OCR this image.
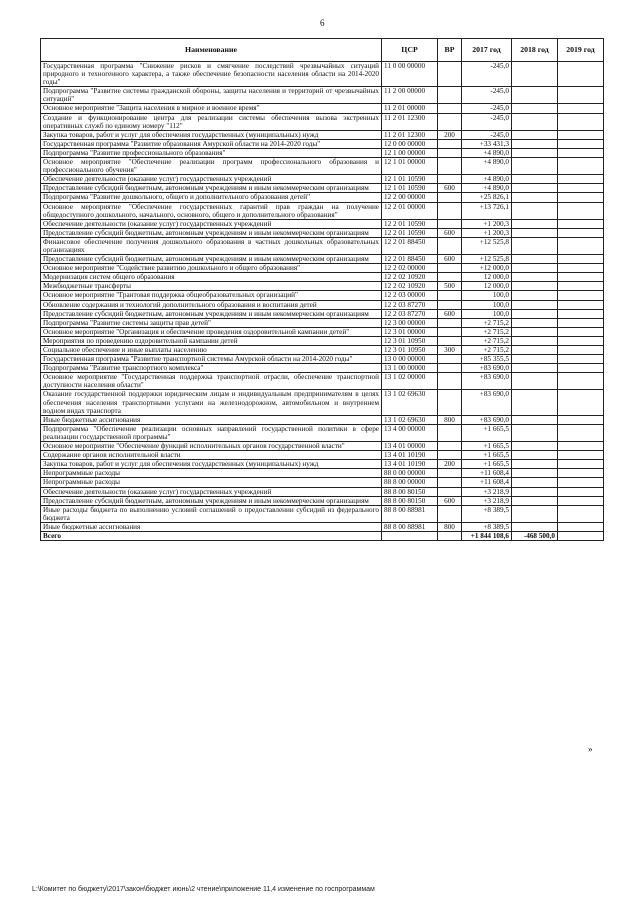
6
Наименование	ЦСР	ВР	2017 год	2018 год	2019 год
Государственная программа "Снижение рисков и смягчение последствий чрезвычайных ситуаций природного и техногенного характера, а также обеспечение безопасности населения области на 2014-2020 годы"	11 0 00 00000		-245,0		
Подпрограмма "Развитие системы гражданской обороны, защиты населения и территорий от чрезвычайных ситуаций"	11 2 00 00000		-245,0		
Основное мероприятие "Защита населения в мирное и военное время"	11 2 01 00000		-245,0		
Создание и функционирование центра для реализации системы обеспечения вызова экстренных оперативных служб по единому номеру "112"	11 2 01 12300		-245,0		
Закупка товаров, работ и услуг для обеспечения государственных (муниципальных) нужд	11 2 01 12300	200	-245,0		
Государственная программа "Развитие образования Амурской области на 2014-2020 годы"	12 0 00 00000		+33 431,3		
Подпрограмма "Развитие профессионального образования"	12 1 00 00000		+4 890,0		
Основное мероприятие "Обеспечение реализации программ профессионального образования и профессионального обучения"	12 1 01 00000		+4 890,0		
Обеспечение деятельности (оказание услуг) государственных учреждений	12 1 01 10590		+4 890,0		
Предоставление субсидий бюджетным, автономным учреждениям и иным некоммерческим организациям	12 1 01 10590	600	+4 890,0		
Подпрограмма "Развитие дошкольного, общего и дополнительного образования детей"	12 2 00 00000		+25 826,1		
Основное мероприятие "Обеспечение государственных гарантий прав граждан на получение общедоступного дошкольного, начального, основного, общего и дополнительного образования"	12 2 01 00000		+13 726,1		
Обеспечение деятельности (оказание услуг) государственных учреждений	12 2 01 10590		+1 200,3		
Предоставление субсидий бюджетным, автономным учреждениям и иным некоммерческим организациям	12 2 01 10590	600	+1 200,3		
Финансовое обеспечение получения дошкольного образования в частных дошкольных образовательных организациях	12 2 01 88450		+12 525,8		
Предоставление субсидий бюджетным, автономным учреждениям и иным некоммерческим организациям	12 2 01 88450	600	+12 525,8		
Основное мероприятие "Содействие развитию дошкольного и общего образования"	12 2 02 00000		+12 000,0		
Модернизация систем общего образования	12 2 02 10920		12 000,0		
Межбюджетные трансферты	12 2 02 10920	500	12 000,0		
Основное мероприятие "Грантовая поддержка общеобразовательных организаций"	12 2 03 00000		100,0		
Обновление содержания и технологий дополнительного образования и воспитания детей	12 2 03 87270		100,0		
Предоставление субсидий бюджетным, автономным учреждениям и иным некоммерческим организациям	12 2 03 87270	600	100,0		
Подпрограмма "Развитие системы защиты прав детей"	12 3 00 00000		+2 715,2		
Основное мероприятие "Организация и обеспечение проведения оздоровительной кампании детей"	12 3 01 00000		+2 715,2		
Мероприятия по проведению оздоровительной кампании детей	12 3 01 10950		+2 715,2		
Социальное обеспечение и иные выплаты населению	12 3 01 10950	300	+2 715,2		
Государственная программа "Развитие транспортной системы Амурской области на 2014-2020 годы"	13 0 00 00000		+85 355,5		
Подпрограмма "Развитие транспортного комплекса"	13 1 00 00000		+83 690,0		
Основное мероприятие "Государственная поддержка транспортной отрасли, обеспечение транспортной доступности населения области"	13 1 02 00000		+83 690,0		
Оказание государственной поддержки юридическим лицам и индивидуальным предпринимателям в целях обеспечения населения транспортными услугами на железнодорожном, автомобильном и внутреннем водном видах транспорта	13 1 02 69630		+83 690,0		
Иные бюджетные ассигнования	13 1 02 69630	800	+83 690,0		
Подпрограмма "Обеспечение реализации основных направлений государственной политики в сфере реализации государственной программы"	13 4 00 00000		+1 665,5		
Основное мероприятие "Обеспечение функций исполнительных органов государственной власти"	13 4 01 00000		+1 665,5		
Содержание органов исполнительной власти	13 4 01 10190		+1 665,5		
Закупка товаров, работ и услуг для обеспечения государственных (муниципальных) нужд	13 4 01 10190	200	+1 665,5		
Непрограммные расходы	88 0 00 00000		+11 608,4		
Непрограммные расходы	88 8 00 00000		+11 608,4		
Обеспечение деятельности (оказание услуг) государственных учреждений	88 8 00 80150		+3 218,9		
Предоставление субсидий бюджетным, автономным учреждениям и иным некоммерческим организациям	88 8 00 80150	600	+3 218,9		
Иные расходы бюджета по выполнению условий соглашений о предоставлении субсидий из федерального бюджета	88 8 00 88981		+8 389,5		
Иные бюджетные ассигнования	88 8 00 88981	800	+8 389,5		
Всего			+1 844 108,6	-468 500,0	
»
L:\Комитет по бюджету\2017\закон\бюджет июнь\2 чтение\приложение 11,4 изменение по госпрограммам
